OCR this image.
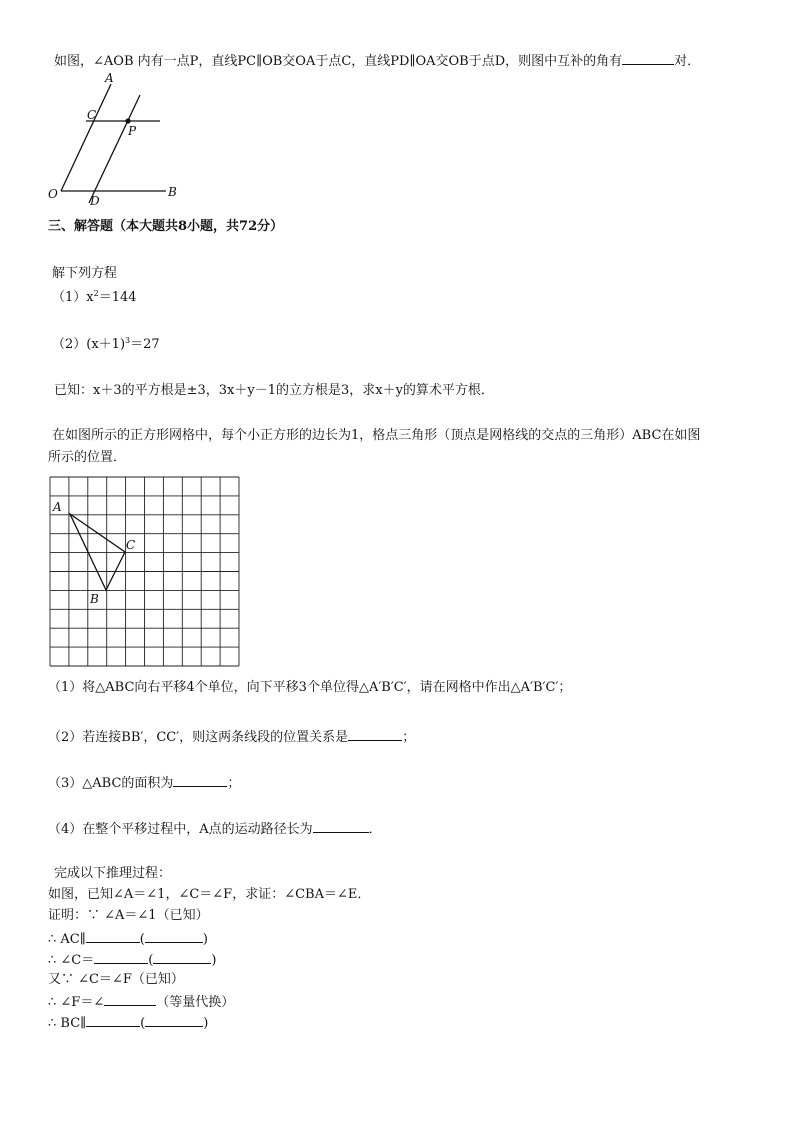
如图，∠AOB 内有一点P，直线PC∥OB交OA于点C，直线PD∥OA交OB于点D，则图中互补的角有	对．
A
C
P
O	D
B
三、解答题（本大题共8小题，共72分）
解下列方程
$(1)x^2=144$
$(2)(x+1)^3=27$
已知：x＋3的平方根是±3，3x＋y－1的立方根是3，求x＋y的算术平方根．
在如图所示的正方形网格中，每个小正方形的边长为1，格点三角形（顶点是网格线的交点的三角形）ABC在如图
所示的位置．
A
C
B
（1）将△ABC向右平移4个单位，向下平移3个单位得△A′B′C′，请在网格中作出△A′B′C′；
（2）若连接BB′，CC′，则这两条线段的位置关系是	；
（3）△ABC的面积为	；
（4）在整个平移过程中，A点的运动路径长为	．
完成以下推理过程：
如图，已知∠A＝∠1，∠C＝∠F，求证：∠CBA＝∠E．
证明：∵ ∠A＝∠1（已知）
∴ AC∥	(	)
∴ ∠C＝	(	)
又∵ ∠C＝∠F（已知）
∴ ∠F＝∠	（等量代换）
∴ BC∥	(	)
